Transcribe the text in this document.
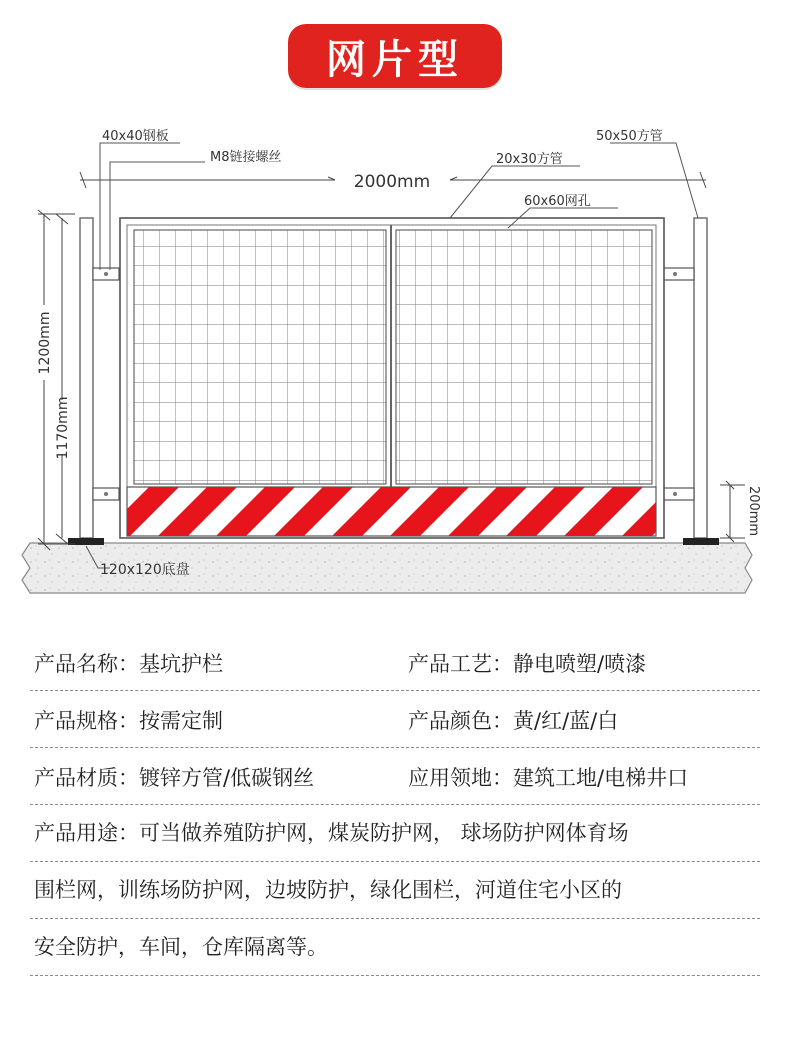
网片型
2000mm
40x40钢板
M8链接螺丝	20x30方管
60x60网孔
50x50方管
1200mm
1170mm
200mm
120x120底盘
产品名称：基坑护栏	产品工艺：静电喷塑/喷漆
产品规格：按需定制	产品颜色：黄/红/蓝/白
产品材质：镀锌方管/低碳钢丝	应用领地：建筑工地/电梯井口
产品用途：可当做养殖防护网，煤炭防护网， 球场防护网体育场
围栏网，训练场防护网，边坡防护，绿化围栏，河道住宅小区的
安全防护，车间，仓库隔离等。
